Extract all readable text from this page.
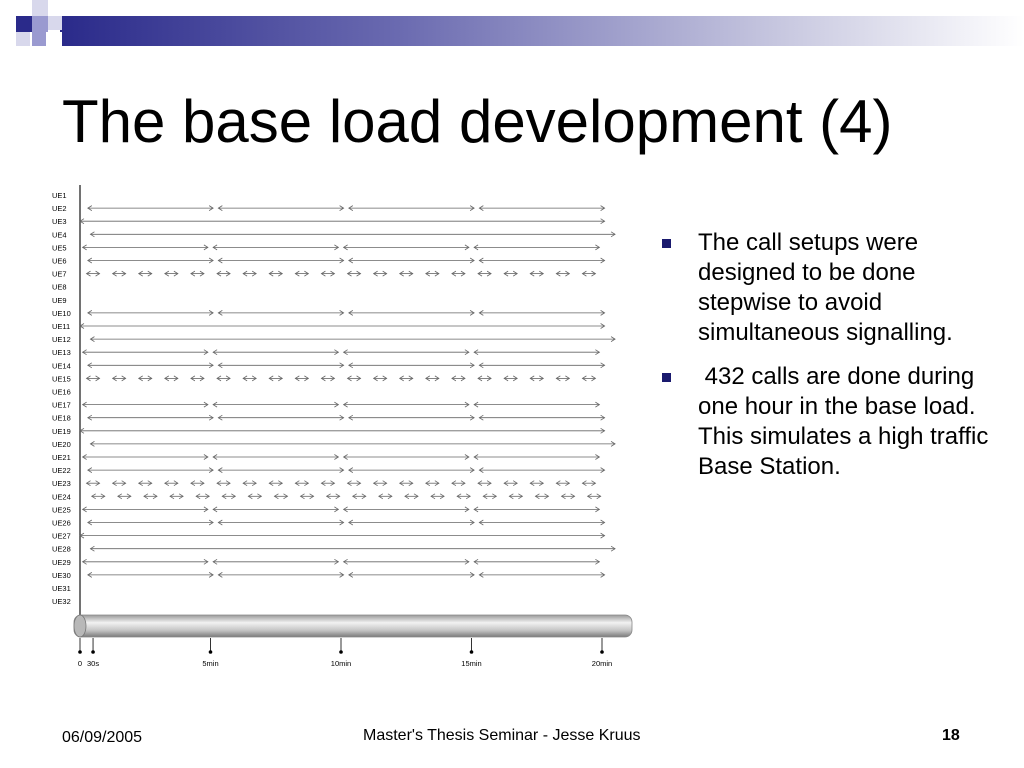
The base load development (4)
UE1
UE2
UE3
UE4
UE5
UE6
UE7
UE8
UE9
UE10
UE11
UE12
UE13
UE14
UE15
UE16
UE17
UE18
UE19
UE20
UE21
UE22
UE23
UE24
UE25
UE26
UE27
UE28
UE29
UE30
UE31
UE32
0 30s	5min	10min	15min	20min
The call setups were designed to be done stepwise to avoid simultaneous signalling.
432 calls are done during one hour in the base load. This simulates a high traffic Base Station.
06/09/2005	Master's Thesis Seminar - Jesse Kruus	18
